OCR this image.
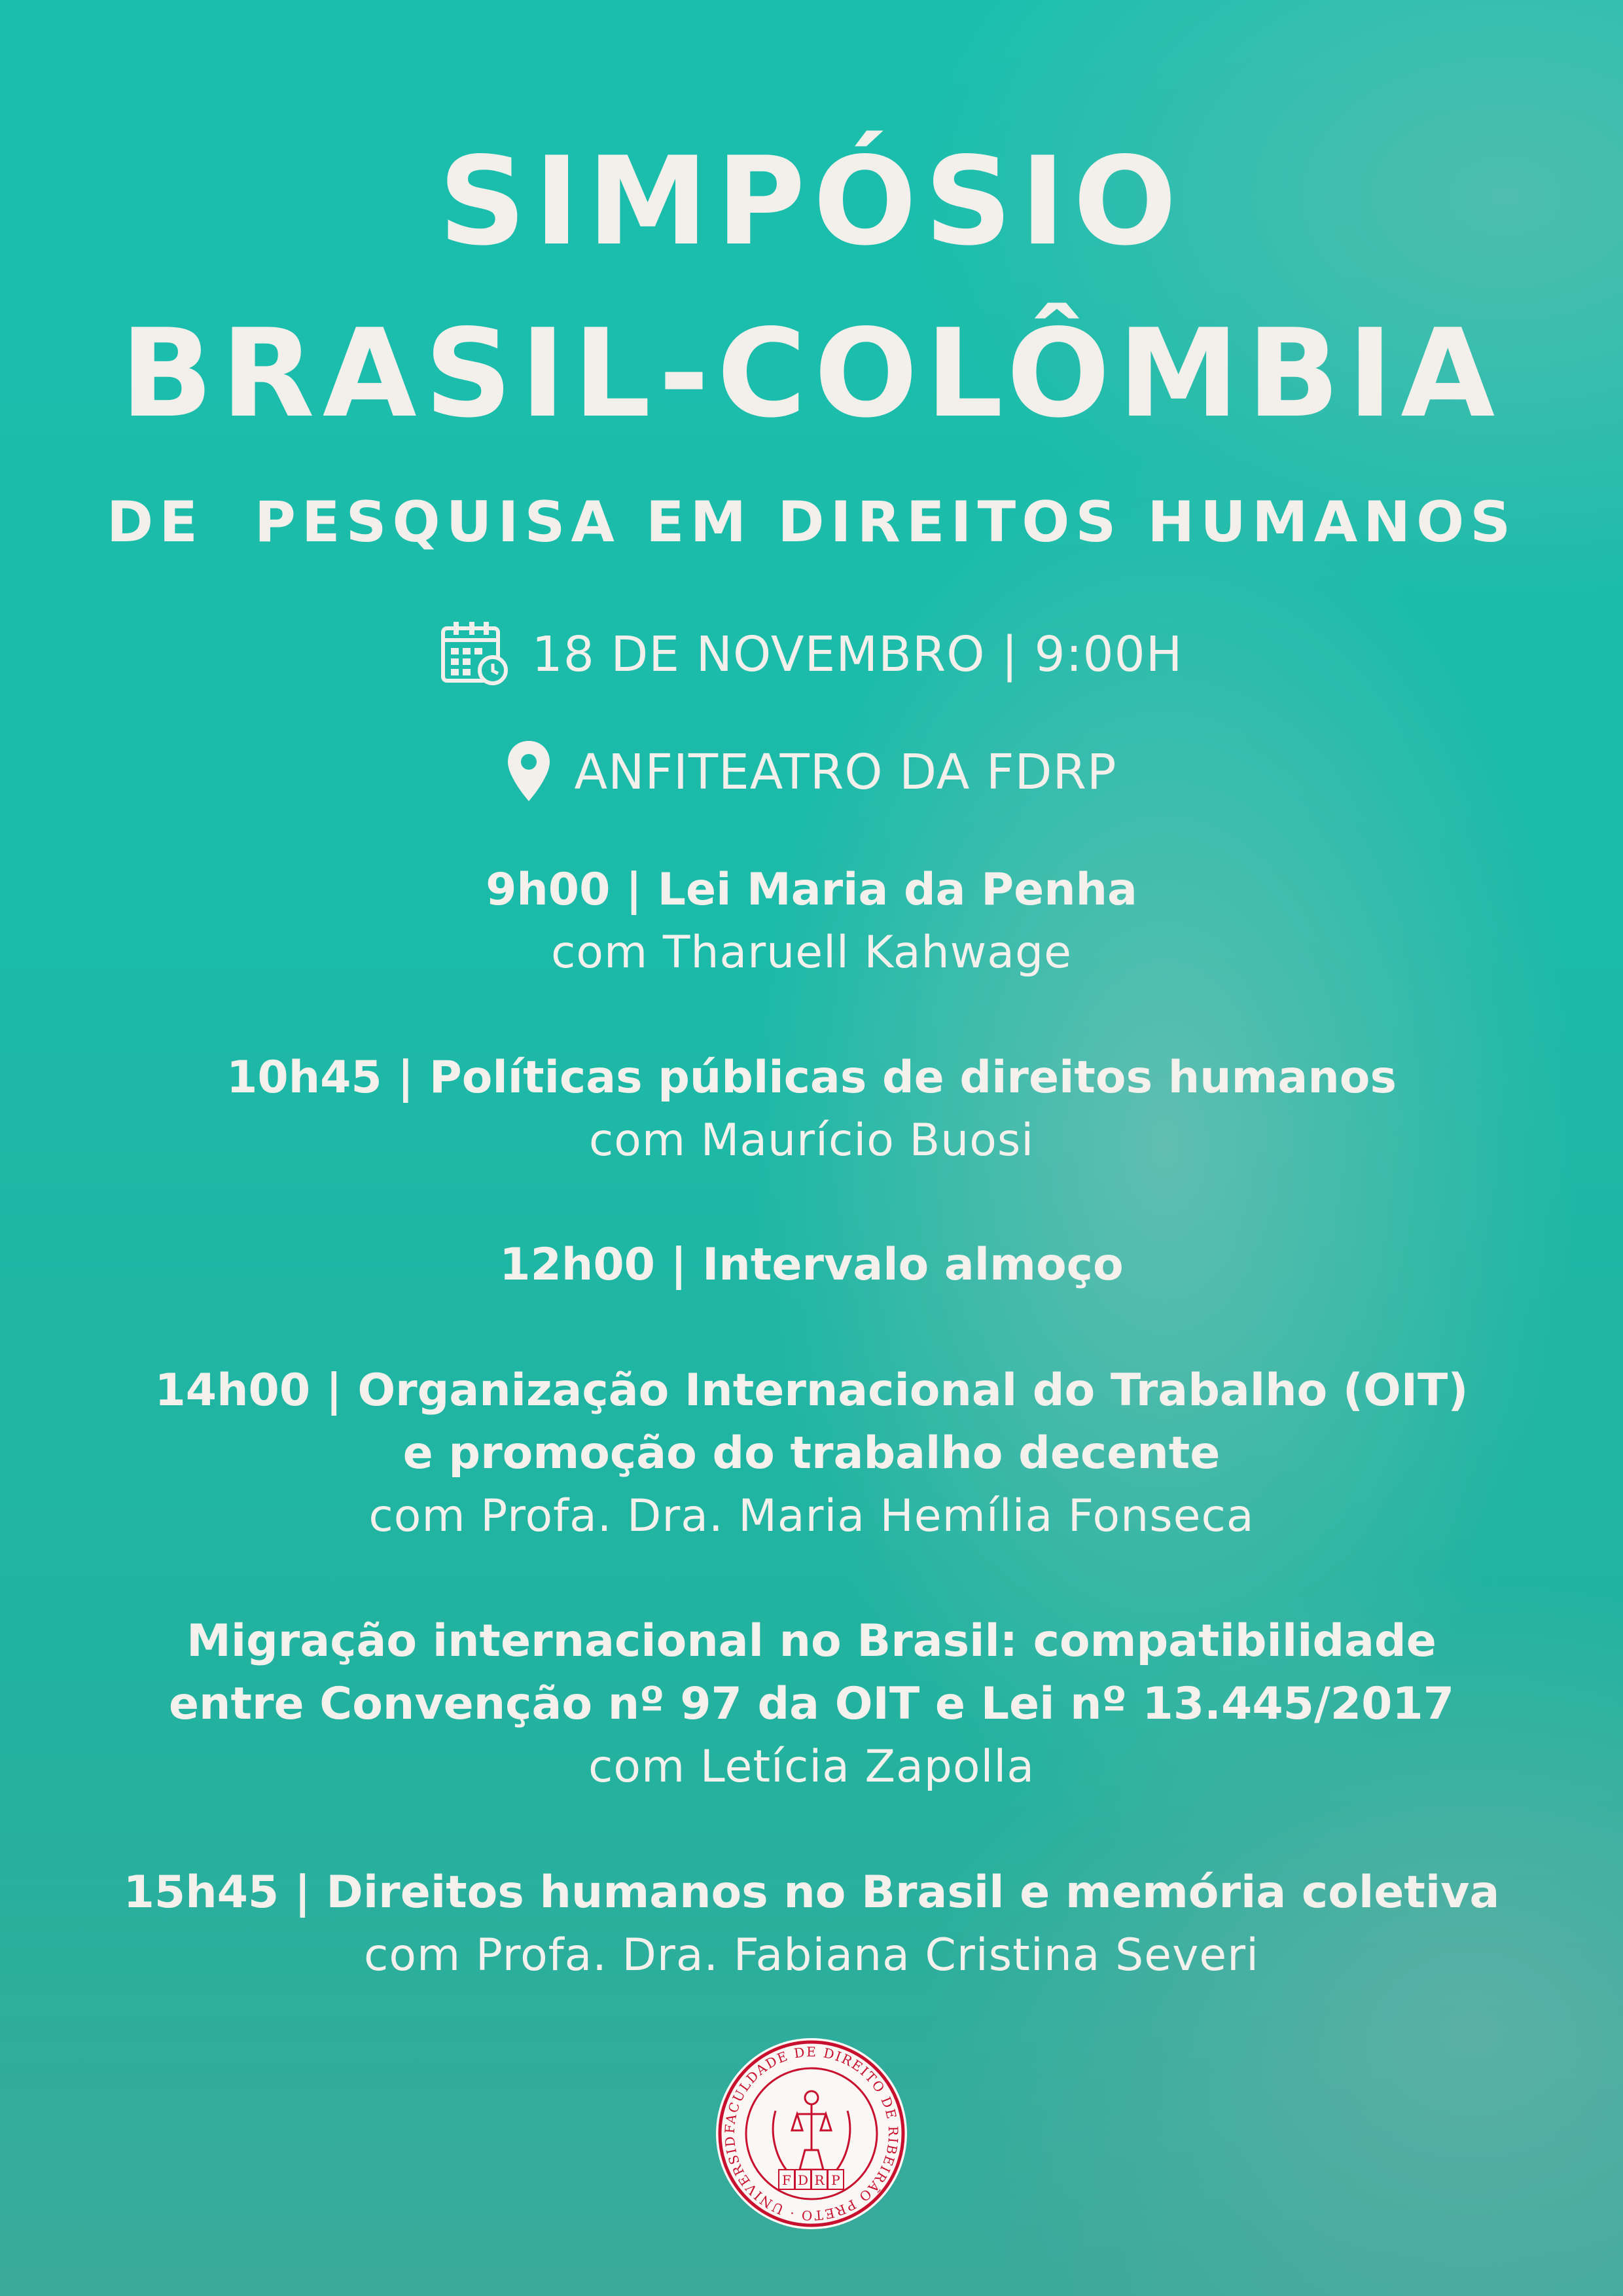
SIMPÓSIO
BRASIL-COLÔMBIA
DE  PESQUISA EM DIREITOS HUMANOS
18 DE NOVEMBRO | 9:00H
ANFITEATRO DA FDRP
9h00 | Lei Maria da Penha
com Tharuell Kahwage
10h45 | Políticas públicas de direitos humanos
com Maurício Buosi
12h00 | Intervalo almoço
14h00 | Organização Internacional do Trabalho (OIT)
e promoção do trabalho decente
com Profa. Dra. Maria Hemília Fonseca
Migração internacional no Brasil: compatibilidade
entre Convenção nº 97 da OIT e Lei nº 13.445/2017
com Letícia Zapolla
15h45 | Direitos humanos no Brasil e memória coletiva
com Profa. Dra. Fabiana Cristina Severi
FACULDADE DE DIREITO DE RIBEIRÃO PRETO · UNIVERSID
F D R P
